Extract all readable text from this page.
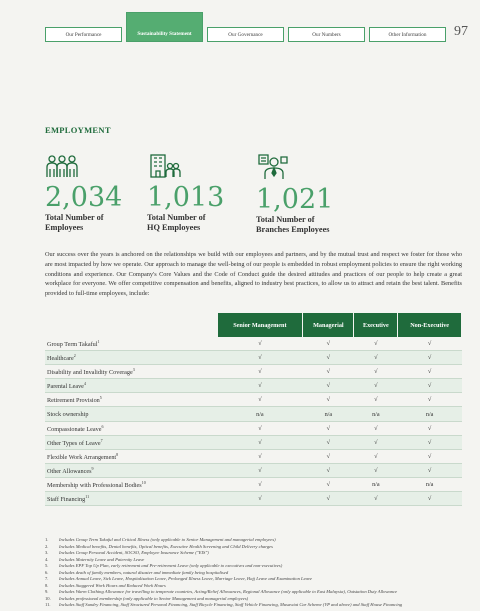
Our Performance	Sustainability Statement	Our Governance	Our Numbers	Other Information	97
EMPLOYMENT
2,034
Total Number of
Employees
1,013
Total Number of
HQ Employees
1,021
Total Number of
Branches Employees
Our success over the years is anchored on the relationships we build with our employees and partners, and by the mutual trust and respect we foster for those who are most impacted by how we operate. Our approach to manage the well-being of our people is embedded in robust employment policies to ensure the right working conditions and experience. Our Company's Core Values and the Code of Conduct guide the desired attitudes and practices of our people to help create a great workplace for everyone. We offer competitive compensation and benefits, aligned to industry best practices, to allow us to attract and retain the best talent. Benefits provided to full-time employees, include:
	Senior Management	Managerial	Executive	Non-Executive
Group Term Takaful$^1$	√	√	√	√
Healthcare$^2$	√	√	√	√
Disability and Invalidity Coverage$^3$	√	√	√	√
Parental Leave$^4$	√	√	√	√
Retirement Provision$^5$	√	√	√	√
Stock ownership	n/a	n/a	n/a	n/a
Compassionate Leave$^6$	√	√	√	√
Other Types of Leave$^7$	√	√	√	√
Flexible Work Arrangement$^8$	√	√	√	√
Other Allowances$^9$	√	√	√	√
Membership with Professional Bodies$^{10}$	√	√	n/a	n/a
Staff Financing$^{11}$	√	√	√	√
1.	Includes Group Term Takaful and Critical Illness (only applicable to Senior Management and managerial employees)
2.	Includes Medical benefits, Dental benefits, Optical benefits, Executive Health Screening and Child Delivery charges
3.	Includes Group Personal Accident, SOCSO, Employee Insurance Scheme ("EIS")
4.	Includes Maternity Leave and Paternity Leave
5.	Includes EPF Top Up Plan, early retirement and Pre-retirement Leave (only applicable to executives and non-executives)
6.	Includes death of family members, natural disaster and immediate family being hospitalised
7.	Includes Annual Leave, Sick Leave, Hospitalisation Leave, Prolonged Illness Leave, Marriage Leave, Hajj Leave and Examination Leave
8.	Includes Staggered Work Hours and Reduced Work Hours
9.	Includes Warm Clothing Allowance for travelling to temperate countries, Acting/Relief Allowances, Regional Allowance (only applicable to East Malaysia), Outstation Duty Allowance
10.	Includes professional membership (only applicable to Senior Management and managerial employees)
11.	Includes Staff Sundry Financing, Staff Structured Personal Financing, Staff Bicycle Financing, Staff Vehicle Financing, Musawiat Car Scheme (VP and above) and Staff House Financing
